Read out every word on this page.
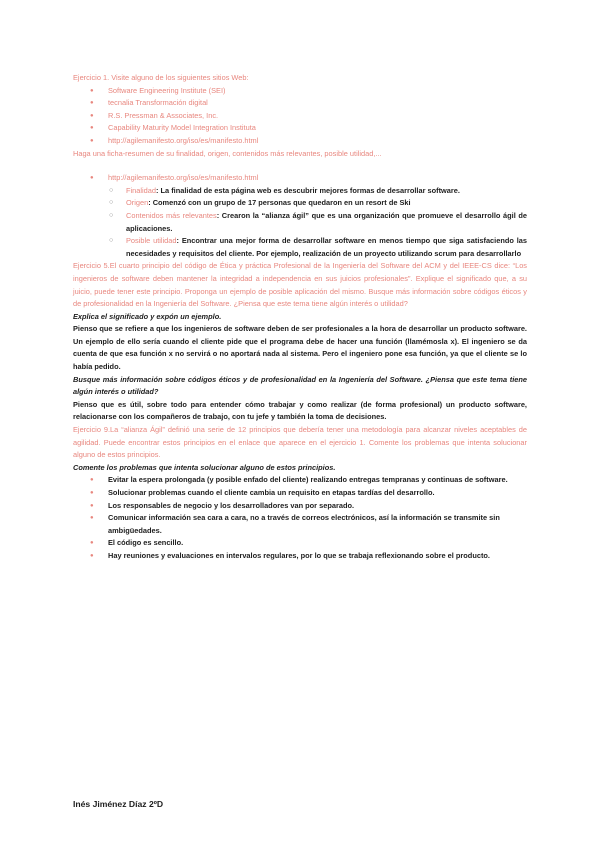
Ejercicio 1. Visite alguno de los siguientes sitios Web:

● Software Engineering Institute (SEI)
● tecnalia Transformación digital
● R.S. Pressman & Associates, Inc.
● Capability Maturity Model Integration Instituta
● http://agilemanifesto.org/iso/es/manifesto.html

Haga una ficha-resumen de su finalidad, origen, contenidos más relevantes, posible utilidad,...

● http://agilemanifesto.org/iso/es/manifesto.html
○ Finalidad: La finalidad de esta página web es descubrir mejores formas de desarrollar software.
○ Origen: Comenzó con un grupo de 17 personas que quedaron en un resort de Ski
○ Contenidos más relevantes: Crearon la “alianza ágil” que es una organización que promueve el desarrollo ágil de aplicaciones.
○ Posible utilidad: Encontrar una mejor forma de desarrollar software en menos tiempo que siga satisfaciendo las necesidades y requisitos del cliente. Por ejemplo, realización de un proyecto utilizando scrum para desarrollarlo

Ejercicio 5.El cuarto principio del código de Ética y práctica Profesional de la Ingeniería del Software del ACM y del IEEE-CS dice: “Los ingenieros de software deben mantener la integridad a independencia en sus juicios profesionales”. Explique el significado que, a su juicio, puede tener este principio. Proponga un ejemplo de posible aplicación del mismo. Busque más información sobre códigos éticos y de profesionalidad en la Ingeniería del Software. ¿Piensa que este tema tiene algún interés o utilidad?

Explica el significado y expón un ejemplo.

Pienso que se refiere a que los ingenieros de software deben de ser profesionales a la hora de desarrollar un producto software. Un ejemplo de ello sería cuando el cliente pide que el programa debe de hacer una función (llamémosla x). El ingeniero se da cuenta de que esa función x no servirá o no aportará nada al sistema. Pero el ingeniero pone esa función, ya que el cliente se lo había pedido.

Busque más información sobre códigos éticos y de profesionalidad en la Ingeniería del Software. ¿Piensa que este tema tiene algún interés o utilidad?

Pienso que es útil, sobre todo para entender cómo trabajar y como realizar (de forma profesional) un producto software, relacionarse con los compañeros de trabajo, con tu jefe y también la toma de decisiones.

Ejercicio 9.La “alianza Ágil” definió una serie de 12 principios que debería tener una metodología para alcanzar niveles aceptables de agilidad. Puede encontrar estos principios en el enlace que aparece en el ejercicio 1. Comente los problemas que intenta solucionar alguno de estos principios.

Comente los problemas que intenta solucionar alguno de estos principios.

● Evitar la espera prolongada (y posible enfado del cliente) realizando entregas tempranas y continuas de software.
● Solucionar problemas cuando el cliente cambia un requisito en etapas tardías del desarrollo.
● Los responsables de negocio y los desarrolladores van por separado.
● Comunicar información sea cara a cara, no a través de correos electrónicos, así la información se transmite sin ambigüedades.
● El código es sencillo.
● Hay reuniones y evaluaciones en intervalos regulares, por lo que se trabaja reflexionando sobre el producto.
Inés Jiménez Díaz 2ºD
